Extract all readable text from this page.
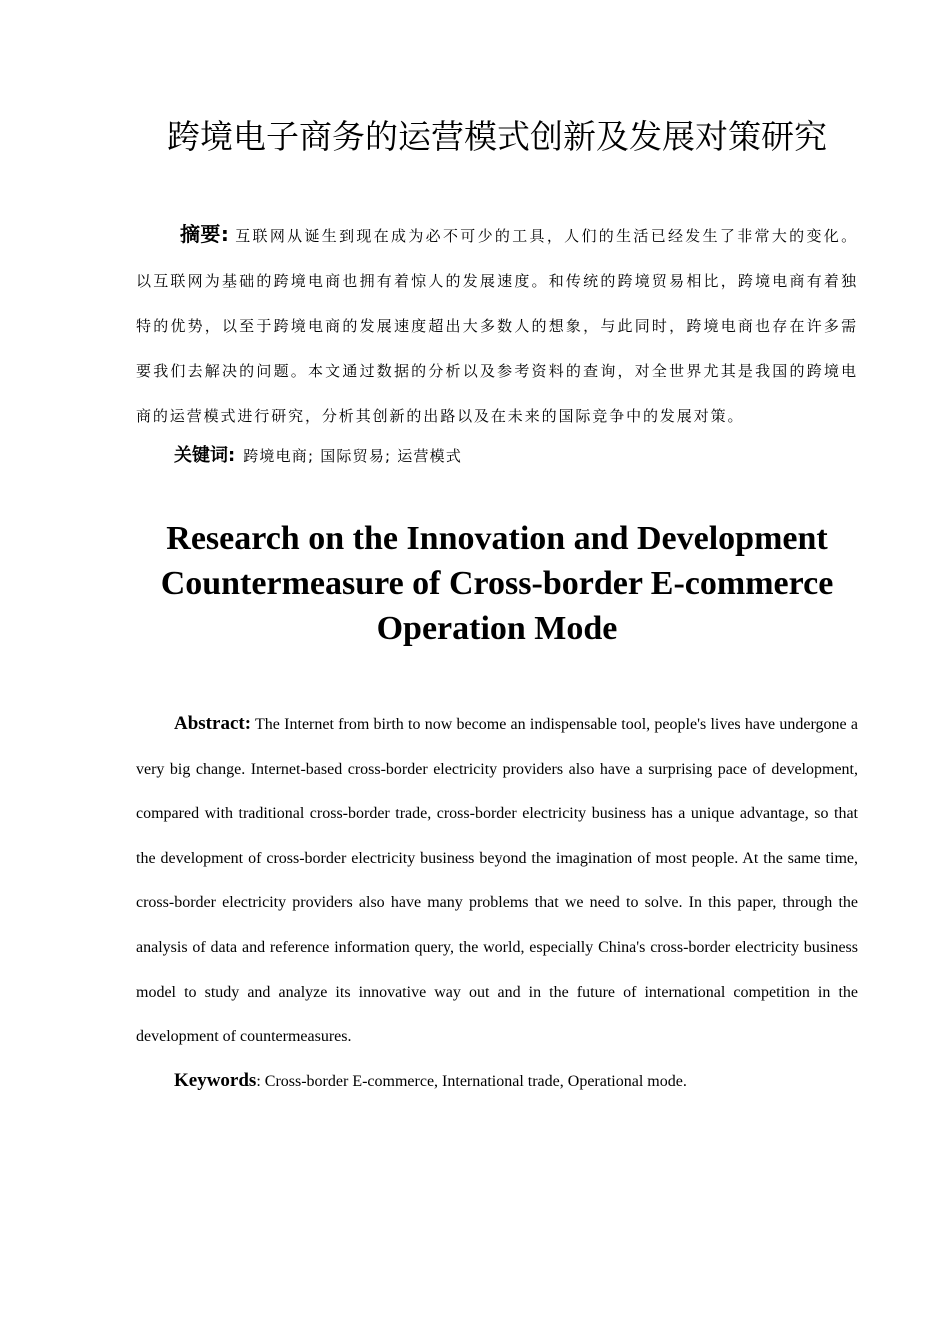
跨境电子商务的运营模式创新及发展对策研究
摘要: 互联网从诞生到现在成为必不可少的工具，人们的生活已经发生了非常大的变化。以互联网为基础的跨境电商也拥有着惊人的发展速度。和传统的跨境贸易相比，跨境电商有着独特的优势，以至于跨境电商的发展速度超出大多数人的想象，与此同时，跨境电商也存在许多需要我们去解决的问题。本文通过数据的分析以及参考资料的查询，对全世界尤其是我国的跨境电商的运营模式进行研究，分析其创新的出路以及在未来的国际竞争中的发展对策。
关键词: 跨境电商; 国际贸易; 运营模式
Research on the Innovation and Development Countermeasure of Cross-border E-commerce Operation Mode
Abstract: The Internet from birth to now become an indispensable tool, people's lives have undergone a very big change. Internet-based cross-border electricity providers also have a surprising pace of development, compared with traditional cross-border trade, cross-border electricity business has a unique advantage, so that the development of cross-border electricity business beyond the imagination of most people. At the same time, cross-border electricity providers also have many problems that we need to solve. In this paper, through the analysis of data and reference information query, the world, especially China's cross-border electricity business model to study and analyze its innovative way out and in the future of international competition in the development of countermeasures.
Keywords: Cross-border E-commerce, International trade, Operational mode.
